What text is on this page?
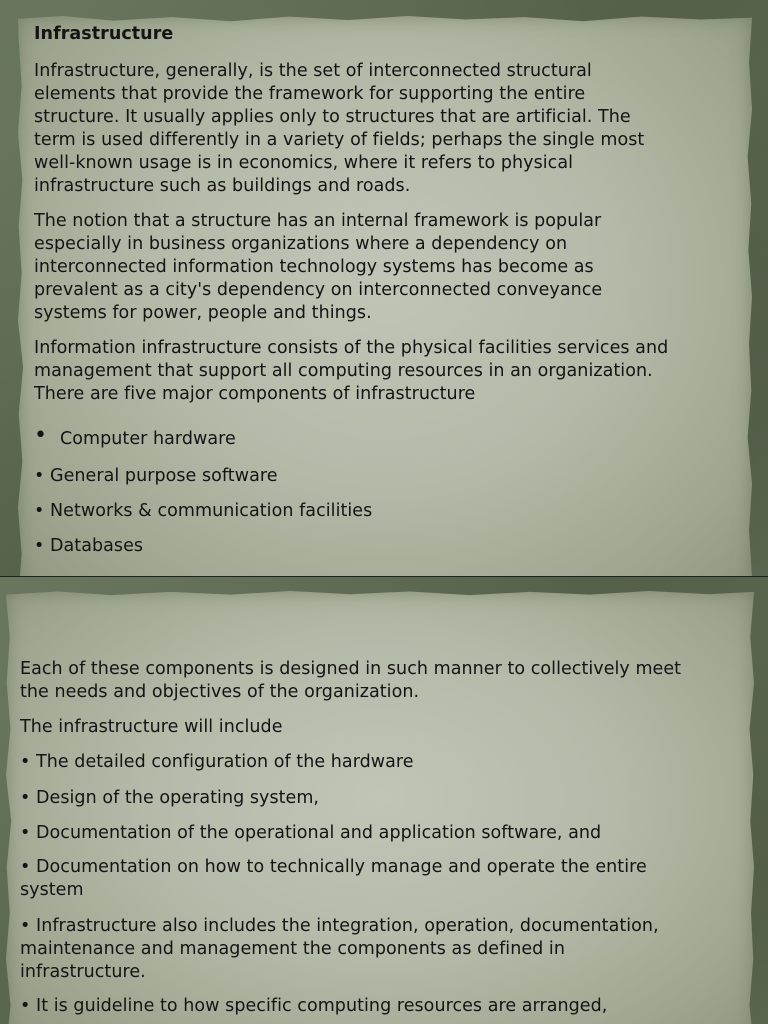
Infrastructure
Infrastructure, generally, is the set of interconnected structural
elements that provide the framework for supporting the entire
structure. It usually applies only to structures that are artificial. The
term is used differently in a variety of fields; perhaps the single most
well-known usage is in economics, where it refers to physical
infrastructure such as buildings and roads.
The notion that a structure has an internal framework is popular
especially in business organizations where a dependency on
interconnected information technology systems has become as
prevalent as a city's dependency on interconnected conveyance
systems for power, people and things.
Information infrastructure consists of the physical facilities services and
management that support all computing resources in an organization.
There are five major components of infrastructure
• Computer hardware
• General purpose software
• Networks & communication facilities
• Databases
Each of these components is designed in such manner to collectively meet
the needs and objectives of the organization.
The infrastructure will include
• The detailed configuration of the hardware
• Design of the operating system,
• Documentation of the operational and application software, and
• Documentation on how to technically manage and operate the entire
system
• Infrastructure also includes the integration, operation, documentation,
maintenance and management the components as defined in
infrastructure.
• It is guideline to how specific computing resources are arranged,
